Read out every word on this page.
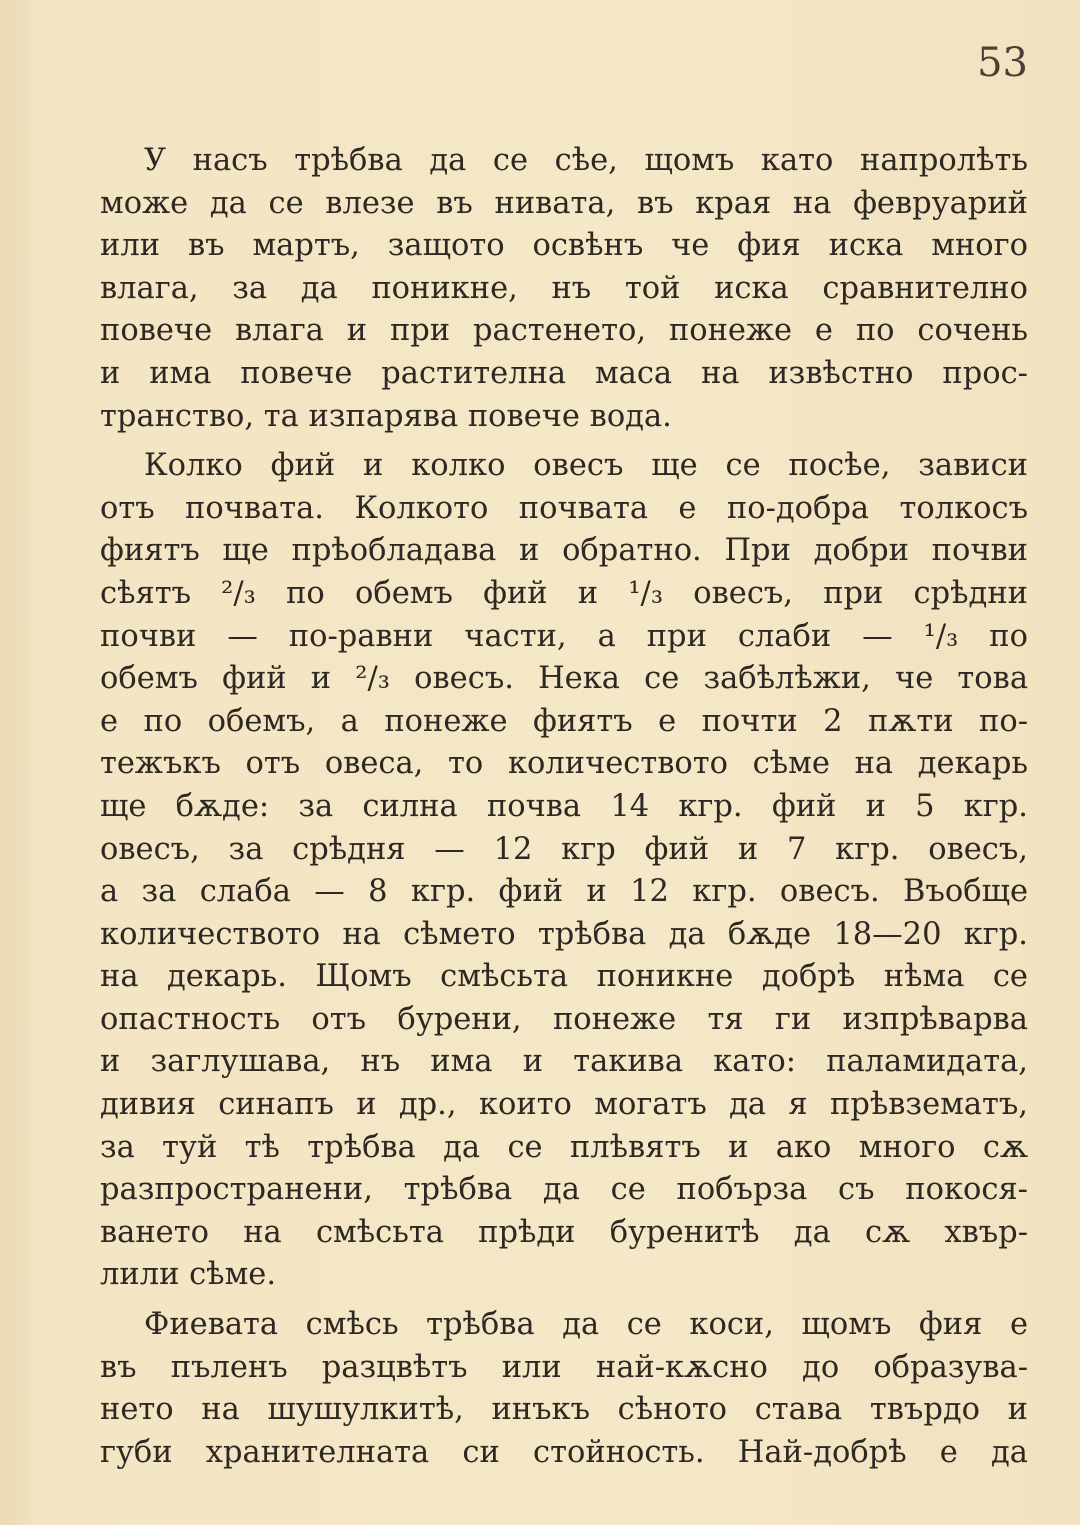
53

У насъ трѣбва да се сѣе, щомъ като напролѣть
може да се влезе въ нивата, въ края на февруарий
или въ мартъ, защото освѣнъ че фия иска много
влага, за да поникне, нъ той иска сравнително
повече влага и при растенето, понеже е по сочень
и има повече растителна маса на извѣстно прос-
транство, та изпарява повече вода.

Колко фий и колко овесъ ще се посѣе, зависи
отъ почвата. Колкото почвата е по-добра толкосъ
фиятъ ще прѣобладава и обратно. При добри почви
сѣятъ ²/₃ по обемъ фий и ¹/₃ овесъ, при срѣдни
почви — по-равни части, а при слаби — ¹/₃ по
обемъ фий и ²/₃ овесъ. Нека се забѣлѣжи, че това
е по обемъ, а понеже фиятъ е почти 2 пѫти по-
тежъкъ отъ овеса, то количеството сѣме на декарь
ще бѫде: за силна почва 14 кгр. фий и 5 кгр.
овесъ, за срѣдня — 12 кгр фий и 7 кгр. овесъ,
а за слаба — 8 кгр. фий и 12 кгр. овесъ. Въобще
количеството на сѣмето трѣбва да бѫде 18—20 кгр.
на декарь. Щомъ смѣсьта поникне добрѣ нѣма се
опастность отъ бурени, понеже тя ги изпрѣварва
и заглушава, нъ има и такива като: паламидата,
дивия синапъ и др., които могатъ да я прѣвзематъ,
за туй тѣ трѣбва да се плѣвятъ и ако много сѫ
разпространени, трѣбва да се побърза съ покося-
ването на смѣсьта прѣди буренитѣ да сѫ хвър-
лили сѣме.

Фиевата смѣсь трѣбва да се коси, щомъ фия е
въ пъленъ разцвѣтъ или най-кѫсно до образува-
нето на шушулкитѣ, инъкъ сѣното става твърдо и
губи хранителната си стойность. Най-добрѣ е да
